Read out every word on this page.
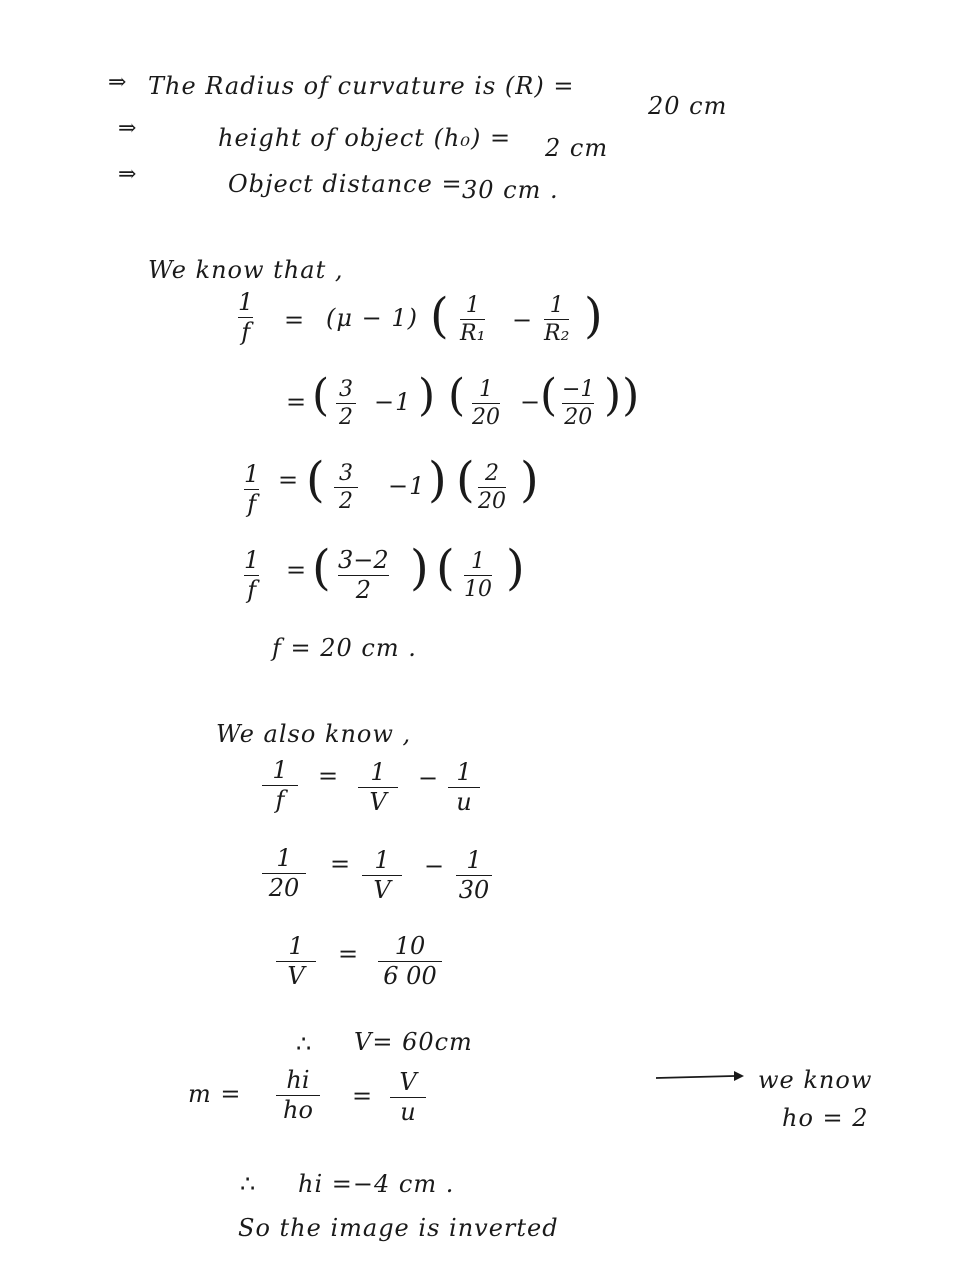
⇒ The Radius of curvature is (R) =
20 cm
⇒	height of object (h₀) = 2 cm
⇒	Object distance = 30 cm .
We know that ,
1
f = (μ − 1) ( 1
R₁ −
1
R₂ )
= ( 3
2
−1 ) ( 1
20
−
( −1
20 ))
1
f
= ( 3
2
−1 ) ( 2
20 )
1
f
= ( 3−2
2 ) ( 1
10 )
f = 20 cm .
We also know ,
1
f
= 1
V
− 1
u
1
20
= 1
V
− 1
30
1
V
= 10
6 00
∴ V= 60cm
m = hi
ho
= V
u
we know
ho = 2
∴ hi =−4 cm .
So the image is inverted
